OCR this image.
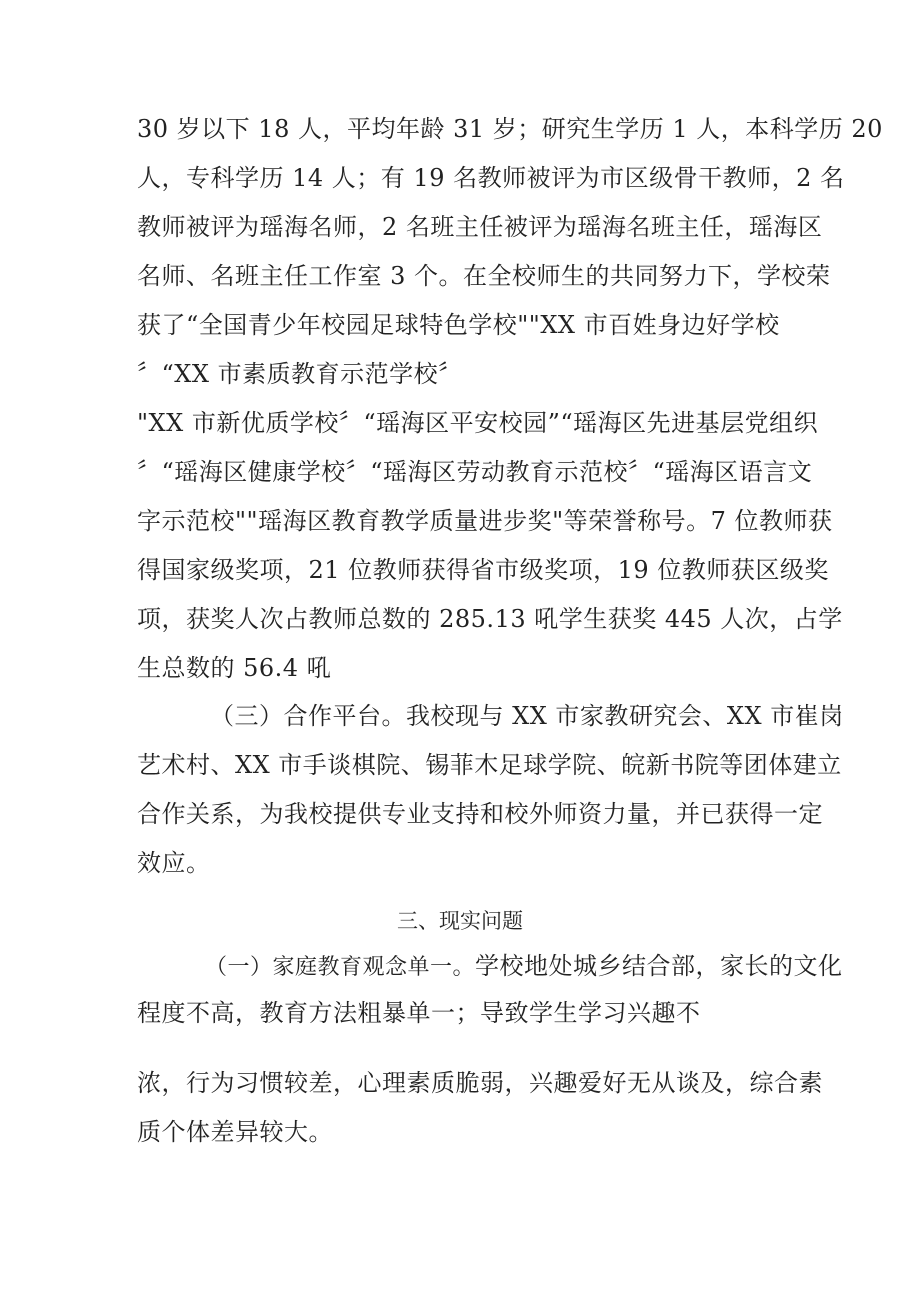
30 岁以下 18 人，平均年龄 31 岁；研究生学历 1 人，本科学历 20
人，专科学历 14 人；有 19 名教师被评为市区级骨干教师，2 名
教师被评为瑶海名师，2 名班主任被评为瑶海名班主任，瑶海区
名师、名班主任工作室 3 个。在全校师生的共同努力下，学校荣
获了“全国青少年校园足球特色学校""XX 市百姓身边好学校
〞“XX 市素质教育示范学校〞
"XX 市新优质学校〞“瑶海区平安校园”“瑶海区先进基层党组织
〞“瑶海区健康学校〞“瑶海区劳动教育示范校〞“瑶海区语言文
字示范校""瑶海区教育教学质量进步奖"等荣誉称号。7 位教师获
得国家级奖项，21 位教师获得省市级奖项，19 位教师获区级奖
项，获奖人次占教师总数的 285.13 吼学生获奖 445 人次，占学
生总数的 56.4 吼
（三）合作平台。我校现与 XX 市家教研究会、XX 市崔岗
艺术村、XX 市手谈棋院、锡菲木足球学院、皖新书院等团体建立
合作关系，为我校提供专业支持和校外师资力量，并已获得一定
效应。
三、现实问题
（一）家庭教育观念单一。学校地处城乡结合部，家长的文化
程度不高，教育方法粗暴单一；导致学生学习兴趣不
浓，行为习惯较差，心理素质脆弱，兴趣爱好无从谈及，综合素
质个体差异较大。
